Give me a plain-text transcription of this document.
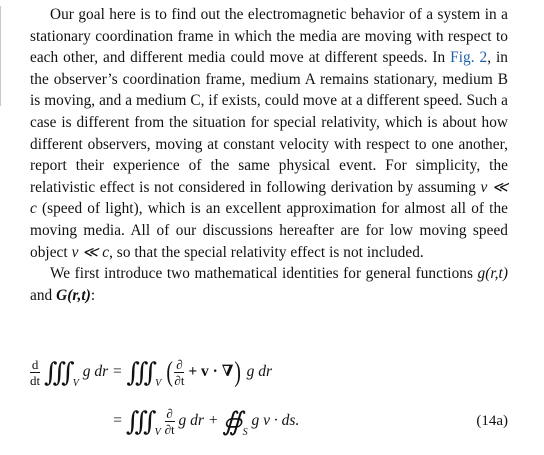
Our goal here is to find out the electromagnetic behavior of a system in a stationary coordination frame in which the media are moving with respect to each other, and different media could move at different speeds. In Fig. 2, in the observer’s coordination frame, medium A remains stationary, medium B is moving, and a medium C, if exists, could move at a different speed. Such a case is different from the situation for special relativity, which is about how different observers, moving at constant velocity with respect to one another, report their experience of the same physical event. For simplicity, the relativistic effect is not considered in following derivation by assuming v ≪ c (speed of light), which is an excellent approximation for almost all of the moving media. All of our discussions hereafter are for low moving speed object v ≪ c, so that the special relativity effect is not included.

We first introduce two mathematical identities for general functions g(r,t) and G(r,t):

$\frac{d}{dt}$ ∭ $_V$ g dr = ∭ $_V$ ( $\frac{\partial}{\partial t} + v$ · ∇) g dr
= ∭ $_V \frac{\partial}{\partial t}$ g dr + $∯_S$ g v · ds.	(14a)
